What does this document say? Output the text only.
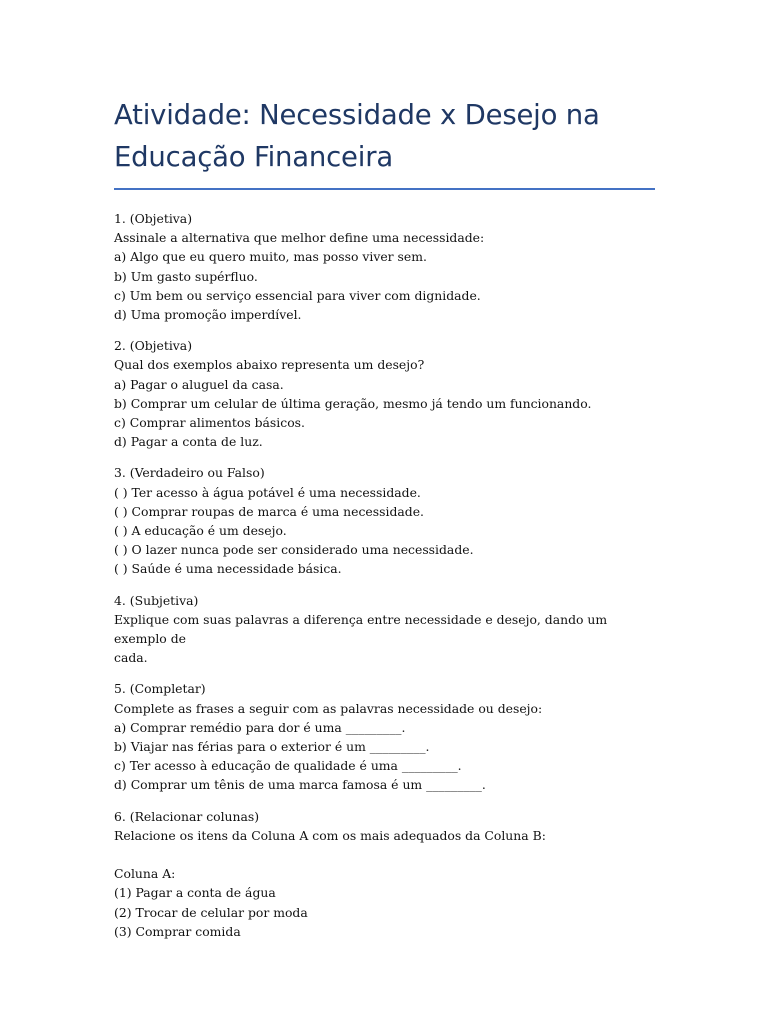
Atividade: Necessidade x Desejo na
Educação Financeira

1. (Objetiva)

Assinale a alternativa que melhor define uma necessidade:

a) Algo que eu quero muito, mas posso viver sem.

b) Um gasto supérfluo.

c) Um bem ou serviço essencial para viver com dignidade.

d) Uma promoção imperdível.

2. (Objetiva)

Qual dos exemplos abaixo representa um desejo?

a) Pagar o aluguel da casa.

b) Comprar um celular de última geração, mesmo já tendo um funcionando.

c) Comprar alimentos básicos.

d) Pagar a conta de luz.

3. (Verdadeiro ou Falso)

( ) Ter acesso à água potável é uma necessidade.

( ) Comprar roupas de marca é uma necessidade.

( ) A educação é um desejo.

( ) O lazer nunca pode ser considerado uma necessidade.

( ) Saúde é uma necessidade básica.

4. (Subjetiva)

Explique com suas palavras a diferença entre necessidade e desejo, dando um exemplo de

cada.

5. (Completar)

Complete as frases a seguir com as palavras necessidade ou desejo:

a) Comprar remédio para dor é uma _________.

b) Viajar nas férias para o exterior é um _________.

c) Ter acesso à educação de qualidade é uma _________.

d) Comprar um tênis de uma marca famosa é um _________.

6. (Relacionar colunas)

Relacione os itens da Coluna A com os mais adequados da Coluna B:

Coluna A:

(1) Pagar a conta de água

(2) Trocar de celular por moda

(3) Comprar comida
